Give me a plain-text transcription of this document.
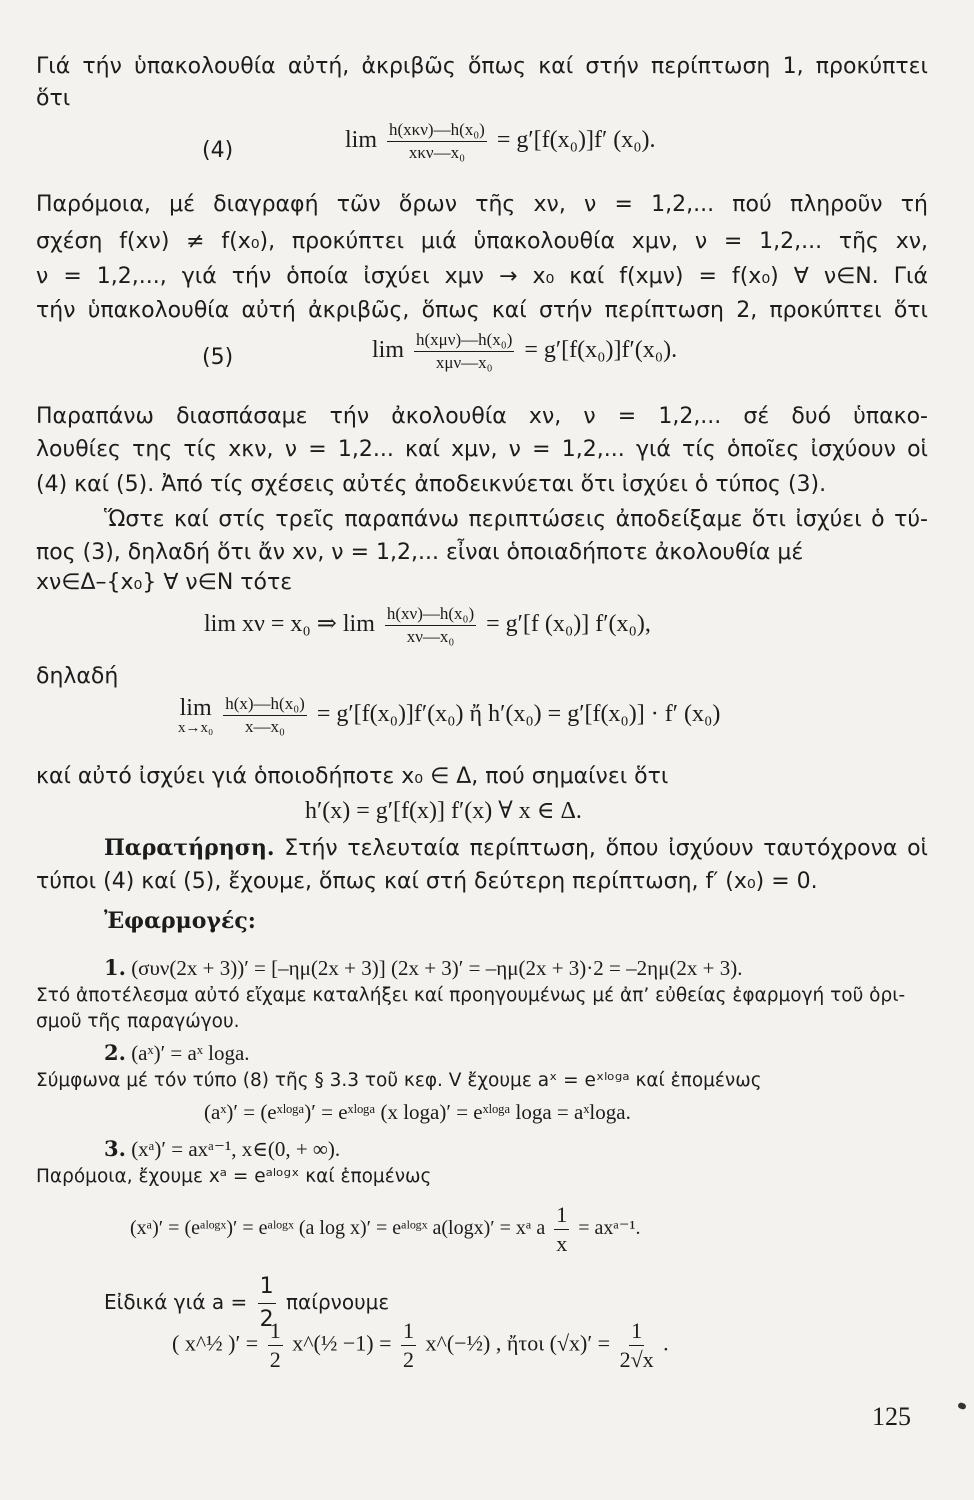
Γιά τήν ὑπακολουθία αὐτή, ἀκριβῶς ὅπως καί στήν περίπτωση 1, προκύπτει
ὅτι
(4)	$\lim \frac{\text{h(xκν)—h(x₀)}}{\text{xκν—x₀}} = g'[f(x_0)]f'$ (x₀).
Παρόμοια, μέ διαγραφή τῶν ὅρων τῆς xν, ν = 1,2,... πού πληροῦν τή
σχέση f(xν) ≠ f(x₀), προκύπτει μιά ὑπακολουθία xμν, ν = 1,2,... τῆς xν,
ν = 1,2,..., γιά τήν ὁποία ἰσχύει xμν → x₀ καί f(xμν) = f(x₀) ∀ ν∈N. Γιά
τήν ὑπακολουθία αὐτή ἀκριβῶς, ὅπως καί στήν περίπτωση 2, προκύπτει ὅτι
(5)	$\lim \frac{\text{h(xμν)—h(x₀)}}{\text{xμν—x₀}} = g'[f(x_0)]f'(x_0)$.
Παραπάνω διασπάσαμε τήν ἀκολουθία xν, ν = 1,2,... σέ δυό ὑπακο-
λουθίες της τίς xκν, ν = 1,2... καί xμν, ν = 1,2,... γιά τίς ὁποῖες ἰσχύουν οἱ
(4) καί (5). Ἀπό τίς σχέσεις αὐτές ἀποδεικνύεται ὅτι ἰσχύει ὁ τύπος (3).
Ὥστε καί στίς τρεῖς παραπάνω περιπτώσεις ἀποδείξαμε ὅτι ἰσχύει ὁ τύ-
πος (3), δηλαδή ὅτι ἄν xν, ν = 1,2,... εἶναι ὁποιαδήποτε ἀκολουθία μέ
xν∈Δ–{x₀} ∀ ν∈N τότε
lim xν = x₀ ⇒ $\lim \frac{\text{h(xν)—h(x₀)}}{\text{xν—x₀}} = g'[f$ (x₀)] f′(x₀),
δηλαδή
lim
x→x₀
$\frac{\text{h(x)—h(x₀)}}{\text{x—x₀}} = g'[f(x_0)]f'(x_0)$ ἤ h′(x₀) = g′[f(x₀)] · f′ (x₀)
καί αὐτό ἰσχύει γιά ὁποιοδήποτε x₀ ∈ Δ, πού σημαίνει ὅτι
h′(x) = g′[f(x)] f′(x) ∀ x ∈ Δ.
Παρατήρηση. Στήν τελευταία περίπτωση, ὅπου ἰσχύουν ταυτόχρονα οἱ
τύποι (4) καί (5), ἔχουμε, ὅπως καί στή δεύτερη περίπτωση, f′ (x₀) = 0.
Ἐφαρμογές:
1. (συν(2x + 3))′ = [–ημ(2x + 3)] (2x + 3)′ = –ημ(2x + 3)·2 = –2ημ(2x + 3).
Στό ἀποτέλεσμα αὐτό εἴχαμε καταλήξει καί προηγουμένως μέ ἀπ’ εὐθείας ἐφαρμογή τοῦ ὁρι-
σμοῦ τῆς παραγώγου.
2. (aˣ)′ = aˣ loga.
Σύμφωνα μέ τόν τύπο (8) τῆς § 3.3 τοῦ κεφ. V ἔχουμε aˣ = eˣˡᵒᵍᵃ καί ἑπομένως
(aˣ)′ = (eˣˡᵒᵍᵃ)′ = eˣˡᵒᵍᵃ (x loga)′ = eˣˡᵒᵍᵃ loga = aˣloga.
3. (xᵃ)′ = axᵃ⁻¹, x∈(0, + ∞).
Παρόμοια, ἔχουμε xᵃ = eᵃˡᵒᵍˣ καί ἑπομένως
(xᵃ)′ = (eᵃˡᵒᵍˣ)′ = eᵃˡᵒᵍˣ (a log x)′ = eᵃˡᵒᵍˣ a(logx)′ = xᵃ a $\frac{1}{x}$ = axᵃ⁻¹.
Εἰδικά γιά $a = \frac{1}{2}$ παίρνουμε
( x^½ )′ = $\frac{1}{2}$ x^(½ $-1) = \frac{1}{2}$ x^(−½) , ἤτοι $(√x)' = \frac{1}{2√x}$ .
125
